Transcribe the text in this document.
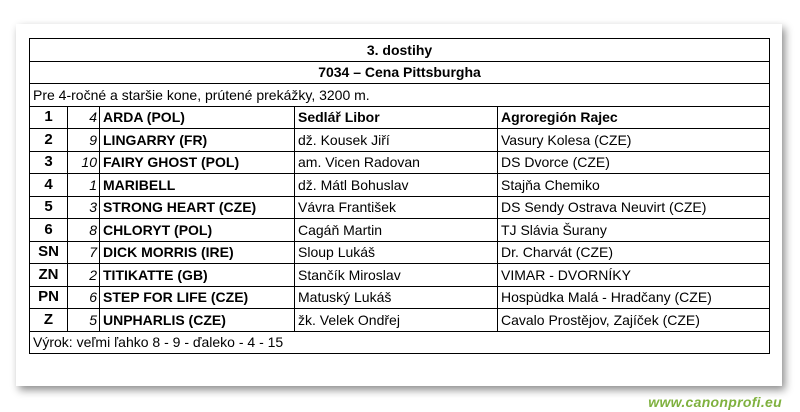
3. dostihy				
7034 – Cena Pittsburgha				
Pre 4-ročné a staršie kone, prútené prekážky, 3200 m.				
1	4	ARDA (POL)	Sedlář Libor	Agroregión Rajec
2	9	LINGARRY (FR)	dž. Kousek Jiří	Vasury Kolesa (CZE)
3	10	FAIRY GHOST (POL)	am. Vicen Radovan	DS Dvorce (CZE)
4	1	MARIBELL	dž. Mátl Bohuslav	Stajňa Chemiko
5	3	STRONG HEART (CZE)	Vávra František	DS Sendy Ostrava Neuvirt (CZE)
6	8	CHLORYT (POL)	Cagáň Martin	TJ Slávia Šurany
SN	7	DICK MORRIS (IRE)	Sloup Lukáš	Dr. Charvát (CZE)
ZN	2	TITIKATTE (GB)	Stančík Miroslav	VIMAR - DVORNÍKY
PN	6	STEP FOR LIFE (CZE)	Matuský Lukáš	Hospùdka Malá - Hradčany (CZE)
Z	5	UNPHARLIS (CZE)	žk. Velek Ondřej	Cavalo Prostějov, Zajíček (CZE)
Výrok: veľmi ľahko 8 - 9 - ďaleko - 4 - 15				
www.canonprofi.eu
